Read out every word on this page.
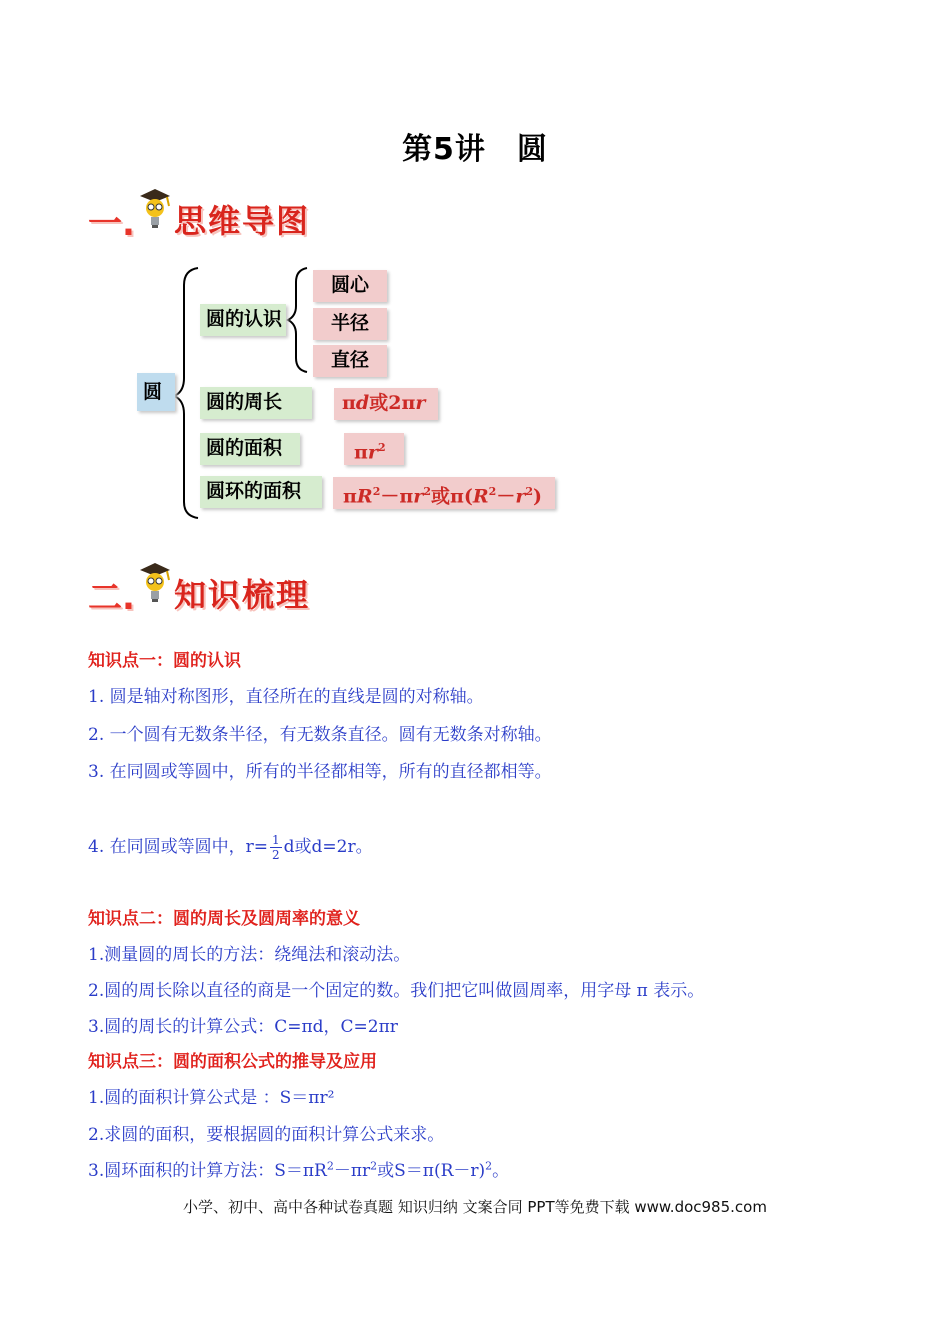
第5讲　圆
一. 思维导图
圆
圆的认识
圆心
半径
直径
圆的周长	πd或2πr
圆的面积	$\pi r^2$
圆环的面积	$\pi R^2-\pi r^2$或$\pi(R^2-r^2)$
二. 知识梳理
知识点一：圆的认识
1. 圆是轴对称图形，直径所在的直线是圆的对称轴。
2. 一个圆有无数条半径，有无数条直径。圆有无数条对称轴。
3. 在同圆或等圆中，所有的半径都相等，所有的直径都相等。
4. 在同圆或等圆中，$r= \frac{1}{2}$ d或d=2r。
知识点二：圆的周长及圆周率的意义
1.测量圆的周长的方法：绕绳法和滚动法。
2.圆的周长除以直径的商是一个固定的数。我们把它叫做圆周率，用字母 π 表示。
3.圆的周长的计算公式：C=πd，C=2πr
知识点三：圆的面积公式的推导及应用
1.圆的面积计算公式是 ：S＝πr²
2.求圆的面积，要根据圆的面积计算公式来求。
3.圆环面积的计算方法：$S=\pi R^2-\pi r^2$或$S=\pi(R-r)^2$。
小学、初中、高中各种试卷真题 知识归纳 文案合同 PPT等免费下载 www.doc985.com
